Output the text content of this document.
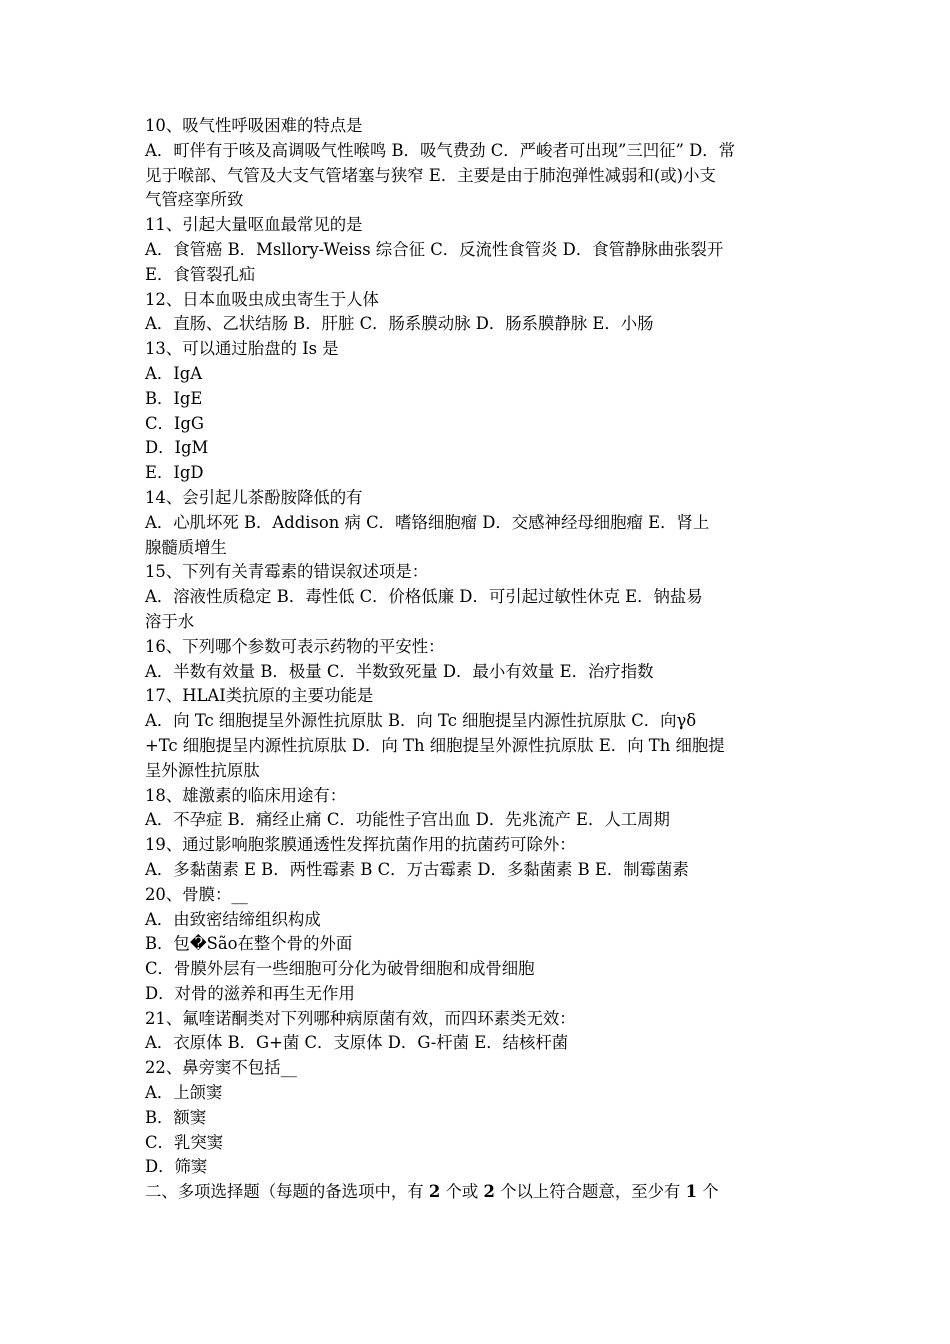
10、吸气性呼吸困难的特点是
A．町伴有于咳及高调吸气性喉鸣 B．吸气费劲 C．严峻者可出现”三凹征” D．常
见于喉部、气管及大支气管堵塞与狭窄 E．主要是由于肺泡弹性减弱和(或)小支
气管痉挛所致
11、引起大量呕血最常见的是
A．食管癌 B．Msllory-Weiss 综合征 C．反流性食管炎 D．食管静脉曲张裂开
E．食管裂孔疝
12、日本血吸虫成虫寄生于人体
A．直肠、乙状结肠 B．肝脏 C．肠系膜动脉 D．肠系膜静脉 E．小肠
13、可以通过胎盘的 Is 是
A．IgA
B．IgE
C．IgG
D．IgM
E．IgD
14、会引起儿茶酚胺降低的有
A．心肌坏死 B．Addison 病 C．嗜铬细胞瘤 D．交感神经母细胞瘤 E．肾上
腺髓质增生
15、下列有关青霉素的错误叙述项是：
A．溶液性质稳定 B．毒性低 C．价格低廉 D．可引起过敏性休克 E．钠盐易
溶于水
16、下列哪个参数可表示药物的平安性：
A．半数有效量 B．极量 C．半数致死量 D．最小有效量 E．治疗指数
17、HLAⅠ类抗原的主要功能是
A．向 Tc 细胞提呈外源性抗原肽 B．向 Tc 细胞提呈内源性抗原肽 C．向γδ
+Tc 细胞提呈内源性抗原肽 D．向 Th 细胞提呈外源性抗原肽 E．向 Th 细胞提
呈外源性抗原肽
18、雄激素的临床用途有：
A．不孕症 B．痛经止痛 C．功能性子宫出血 D．先兆流产 E．人工周期
19、通过影响胞浆膜通透性发挥抗菌作用的抗菌药可除外：
A．多黏菌素 E B．两性霉素 B C．万古霉素 D．多黏菌素 B E．制霉菌素
20、骨膜：__
A．由致密结缔组织构成
B．包�São在整个骨的外面
C．骨膜外层有一些细胞可分化为破骨细胞和成骨细胞
D．对骨的滋养和再生无作用
21、氟喹诺酮类对下列哪种病原菌有效，而四环素类无效：
A．衣原体 B．G+菌 C．支原体 D．G-杆菌 E．结核杆菌
22、鼻旁窦不包括__
A．上颌窦
B．额窦
C．乳突窦
D．筛窦
二、多项选择题（每题的备选项中，有 2 个或 2 个以上符合题意，至少有 1 个
